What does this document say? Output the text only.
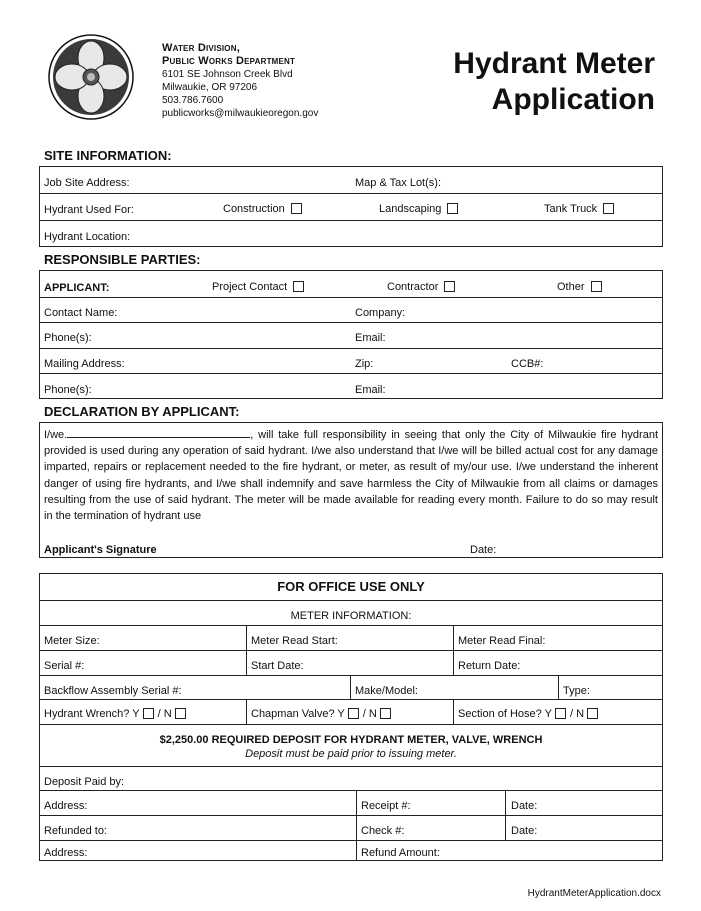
Water Division,
Public Works Department
6101 SE Johnson Creek Blvd
Milwaukie, OR 97206
503.786.7600
publicworks@milwaukieoregon.gov
Hydrant Meter
Application
SITE INFORMATION:
Job Site Address:	Map & Tax Lot(s):
Hydrant Used For:	Construction	Landscaping	Tank Truck
Hydrant Location:
RESPONSIBLE PARTIES:
APPLICANT:	Project Contact	Contractor	Other
Contact Name:	Company:
Phone(s):	Email:
Mailing Address:	Zip:	CCB#:
Phone(s):	Email:
DECLARATION BY APPLICANT:
I/we.	, will take full responsibility in seeing that only the City of Milwaukie fire hydrant provided is used during any operation of said hydrant. I/we also understand that I/we will be billed actual cost for any damage imparted, repairs or replacement needed to the fire hydrant, or meter, as result of my/our use. I/we understand the inherent danger of using fire hydrants, and I/we shall indemnify and save harmless the City of Milwaukie from all claims or damages resulting from the use of said hydrant. The meter will be made available for reading every month. Failure to do so may result in the termination of hydrant use
Applicant's Signature	Date:
FOR OFFICE USE ONLY
METER INFORMATION:
Meter Size:	Meter Read Start:	Meter Read Final:
Serial #:	Start Date:	Return Date:
Backflow Assembly Serial #:	Make/Model:	Type:
Hydrant Wrench? Y / N	Chapman Valve? Y / N	Section of Hose? Y / N
$2,250.00 REQUIRED DEPOSIT FOR HYDRANT METER, VALVE, WRENCH
Deposit must be paid prior to issuing meter.
Deposit Paid by:
Address:	Receipt #:	Date:
Refunded to:	Check #:	Date:
Address:	Refund Amount:
HydrantMeterApplication.docx
